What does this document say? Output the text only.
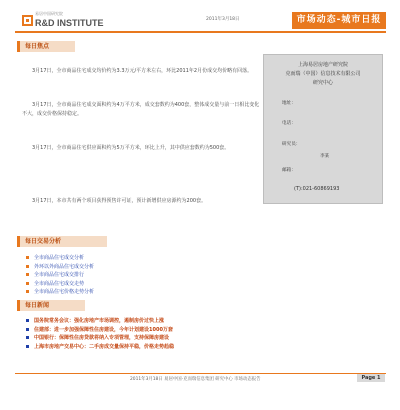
易居中国研究院
R&D INSTITUTE	2011年3月18日	市场动态-城市日报
每日焦点
3月17日，全市商品住宅成交均价约为3.3万元/平方米左右，环比2011年2月份成交均价略有回落。
3月17日，全市商品住宅成交面积约为4万平方米，成交套数约为400套，整体成交量与前一日相比变化不大，成交价格保持稳定。
3月17日，全市商品住宅供应面积约为5万平方米，环比上升，其中供应套数约为500套。
3月17日，本市共有两个项目获得预售许可证，预计新增供应房源约为200套。
上海易居房地产研究院
克而瑞（中国）信息技术有限公司
研究中心
地址：
电话：
研究员：
李某
邮箱：
(T):021-60869193
每日交易分析
全市商品住宅成交分析
外环以外商品住宅成交分析
全市商品住宅成交排行
全市商品住宅成交走势
全市商品住宅价格走势分析
每日新闻
国务院常务会议：强化房地产市场调控，遏制房价过快上涨
住建部：进一步加强保障性住房建设，今年计划建设1000万套
中国银行：保障性住房贷款将纳入专项管理，支持保障房建设
上海市房地产交易中心：二手房成交量保持平稳，价格走势趋稳
2011年3月18日 易居中国·克而瑞信息集团 研究中心 市场动态报告	Page 1
